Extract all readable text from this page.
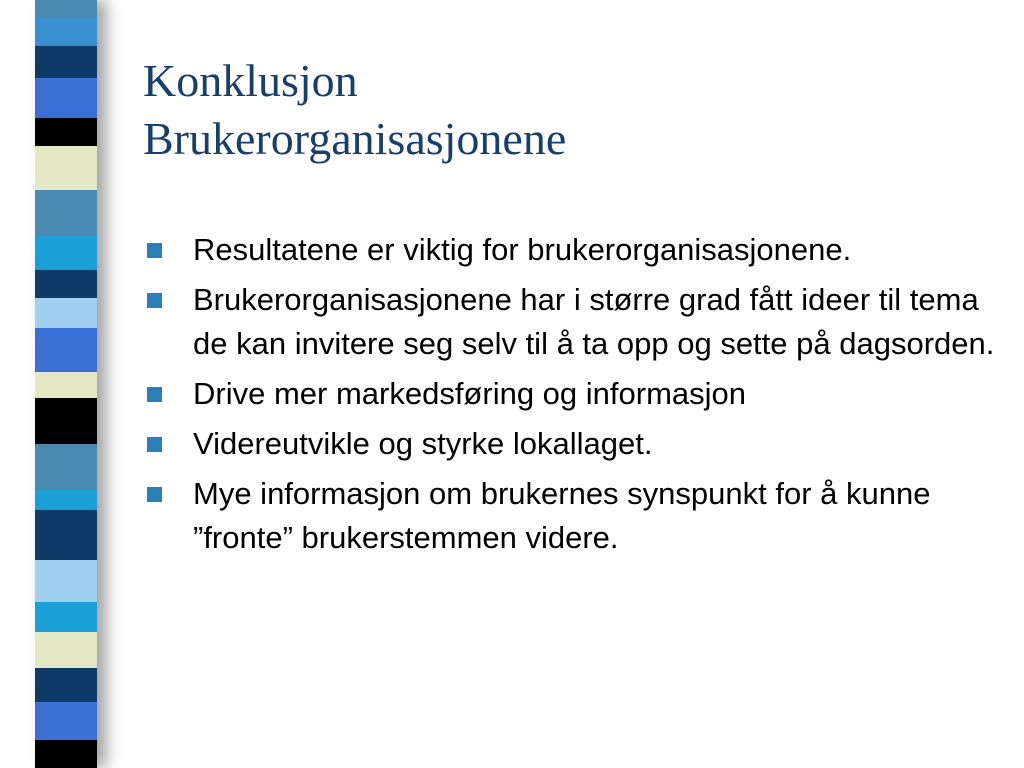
Konklusjon
Brukerorganisasjonene
Resultatene er viktig for brukerorganisasjonene.
Brukerorganisasjonene har i større grad fått ideer til tema de kan invitere seg selv til å ta opp og sette på dagsorden.
Drive mer markedsføring og informasjon
Videreutvikle og styrke lokallaget.
Mye informasjon om brukernes synspunkt for å kunne ”fronte” brukerstemmen videre.
